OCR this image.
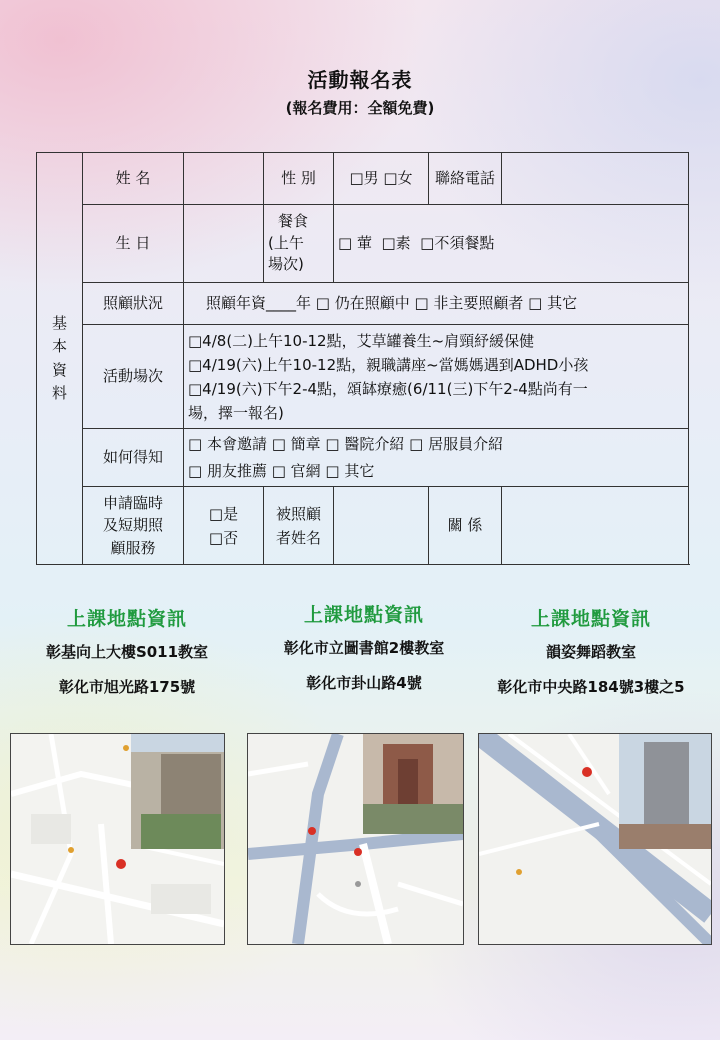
活動報名表
(報名費用：全額免費)
基
本
資
料	姓 名		性 別	□男 □女	聯絡電話	
	生 日		餐食
(上午
場次)	□ 葷  □素  □不須餐點		
	照顧狀況	照顧年資____年 □ 仍在照顧中 □ 非主要照顧者 □ 其它				
	活動場次	□4/8(二)上午10-12點，艾草罐養生~肩頸紓緩保健
□4/19(六)上午10-12點，親職講座~當媽媽遇到ADHD小孩
□4/19(六)下午2-4點，頌缽療癒(6/11(三)下午2-4點尚有一
場，擇一報名)				

	如何得知	□ 本會邀請 □ 簡章 □ 醫院介紹 □ 居服員介紹
□ 朋友推薦 □ 官網 □ 其它				

	申請臨時
及短期照
顧服務	□是
□否	被照顧
者姓名		關 係	
上課地點資訊
彰基向上大樓S011教室
彰化市旭光路175號
上課地點資訊
彰化市立圖書館2樓教室
彰化市卦山路4號
上課地點資訊
韻姿舞蹈教室
彰化市中央路184號3樓之5
